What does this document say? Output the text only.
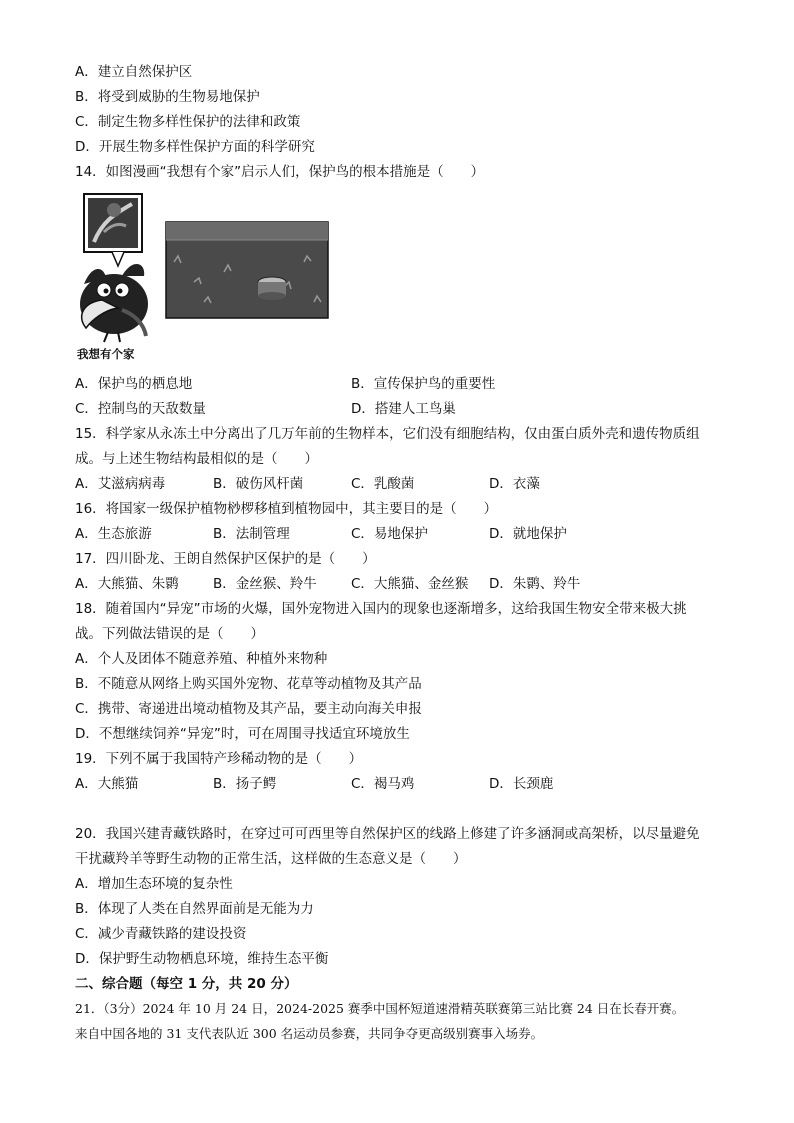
A．建立自然保护区
B．将受到威胁的生物易地保护
C．制定生物多样性保护的法律和政策
D．开展生物多样性保护方面的科学研究
14．如图漫画“我想有个家”启示人们，保护鸟的根本措施是（　　）
我想有个家
A．保护鸟的栖息地	B．宣传保护鸟的重要性
C．控制鸟的天敌数量	D．搭建人工鸟巢
15．科学家从永冻土中分离出了几万年前的生物样本，它们没有细胞结构，仅由蛋白质外壳和遗传物质组
成。与上述生物结构最相似的是（　　）
A．艾滋病病毒	B．破伤风杆菌	C．乳酸菌	D．衣藻
16．将国家一级保护植物桫椤移植到植物园中，其主要目的是（　　）
A．生态旅游	B．法制管理	C．易地保护	D．就地保护
17．四川卧龙、王朗自然保护区保护的是（　　）
A．大熊猫、朱鹮	B．金丝猴、羚牛	C．大熊猫、金丝猴 D．朱鹮、羚牛
18．随着国内“异宠”市场的火爆，国外宠物进入国内的现象也逐渐增多，这给我国生物安全带来极大挑
战。下列做法错误的是（　　）
A．个人及团体不随意养殖、种植外来物种
B．不随意从网络上购买国外宠物、花草等动植物及其产品
C．携带、寄递进出境动植物及其产品，要主动向海关申报
D．不想继续饲养“异宠”时，可在周围寻找适宜环境放生
19．下列不属于我国特产珍稀动物的是（　　）
A．大熊猫	B．扬子鳄	C．褐马鸡	D．长颈鹿
20．我国兴建青藏铁路时，在穿过可可西里等自然保护区的线路上修建了许多涵洞或高架桥，以尽量避免
干扰藏羚羊等野生动物的正常生活，这样做的生态意义是（　　）
A．增加生态环境的复杂性
B．体现了人类在自然界面前是无能为力
C．减少青藏铁路的建设投资
D．保护野生动物栖息环境，维持生态平衡
二、综合题（每空 1 分，共 20 分）
21．（3分）2024 年 10 月 24 日，2024-2025 赛季中国杯短道速滑精英联赛第三站比赛 24 日在长春开赛。
来自中国各地的 31 支代表队近 300 名运动员参赛，共同争夺更高级别赛事入场券。
